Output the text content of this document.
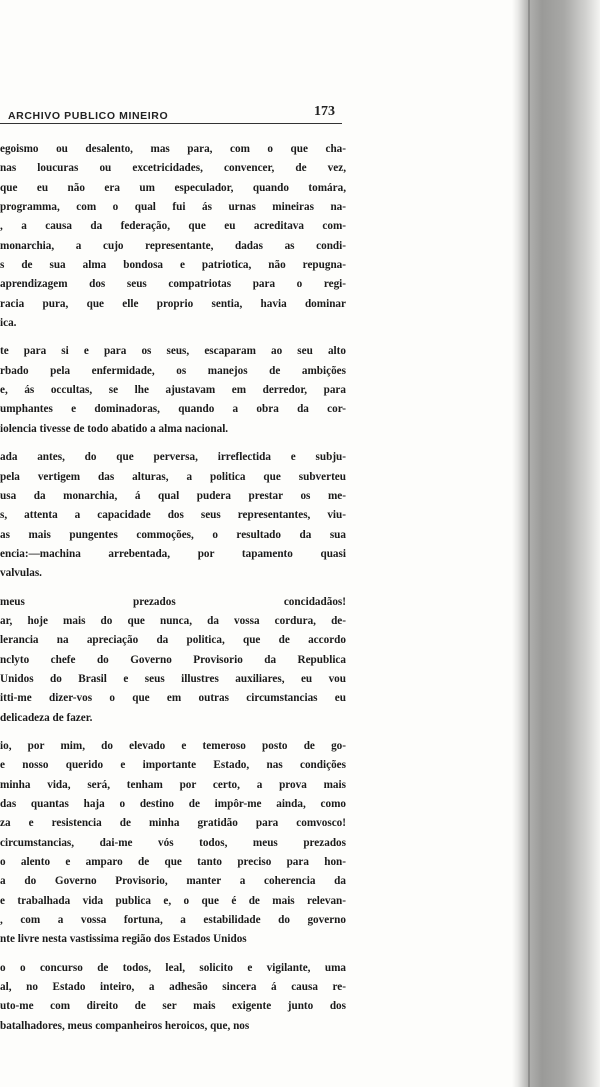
ARCHIVO PUBLICO MINEIRO	173
egoismo ou desalento, mas para, com o que cha-
nas loucuras ou excetricidades, convencer, de vez,
que eu não era um especulador, quando tomára,
programma, com o qual fui ás urnas mineiras na-
, a causa da federação, que eu acreditava com-
monarchia, a cujo representante, dadas as condi-
s de sua alma bondosa e patriotica, não repugna-
aprendizagem dos seus compatriotas para o regi-
racia pura, que elle proprio sentia, havia dominar
ica.
te para si e para os seus, escaparam ao seu alto
rbado pela enfermidade, os manejos de ambições
e, ás occultas, se lhe ajustavam em derredor, para
umphantes e dominadoras, quando a obra da cor-
iolencia tivesse de todo abatido a alma nacional.
ada antes, do que perversa, irreflectida e subju-
pela vertigem das alturas, a politica que subverteu
usa da monarchia, á qual pudera prestar os me-
s, attenta a capacidade dos seus representantes, viu-
as mais pungentes commoções, o resultado da sua
encia:—machina arrebentada, por tapamento quasi
valvulas.
meus prezados concidadãos!
ar, hoje mais do que nunca, da vossa cordura, de-
lerancia na apreciação da politica, que de accordo
nclyto chefe do Governo Provisorio da Republica
Unidos do Brasil e seus illustres auxiliares, eu vou
itti-me dizer-vos o que em outras circumstancias eu
delicadeza de fazer.
io, por mim, do elevado e temeroso posto de go-
e nosso querido e importante Estado, nas condições
minha vida, será, tenham por certo, a prova mais
das quantas haja o destino de impôr-me ainda, como
za e resistencia de minha gratidão para comvosco!
circumstancias, dai-me vós todos, meus prezados
o alento e amparo de que tanto preciso para hon-
a do Governo Provisorio, manter a coherencia da
e trabalhada vida publica e, o que é de mais relevan-
, com a vossa fortuna, a estabilidade do governo
nte livre nesta vastissima região dos Estados Unidos
o o concurso de todos, leal, solicito e vigilante, uma
al, no Estado inteiro, a adhesão sincera á causa re-
uto-me com direito de ser mais exigente junto dos
batalhadores, meus companheiros heroicos, que, nos
